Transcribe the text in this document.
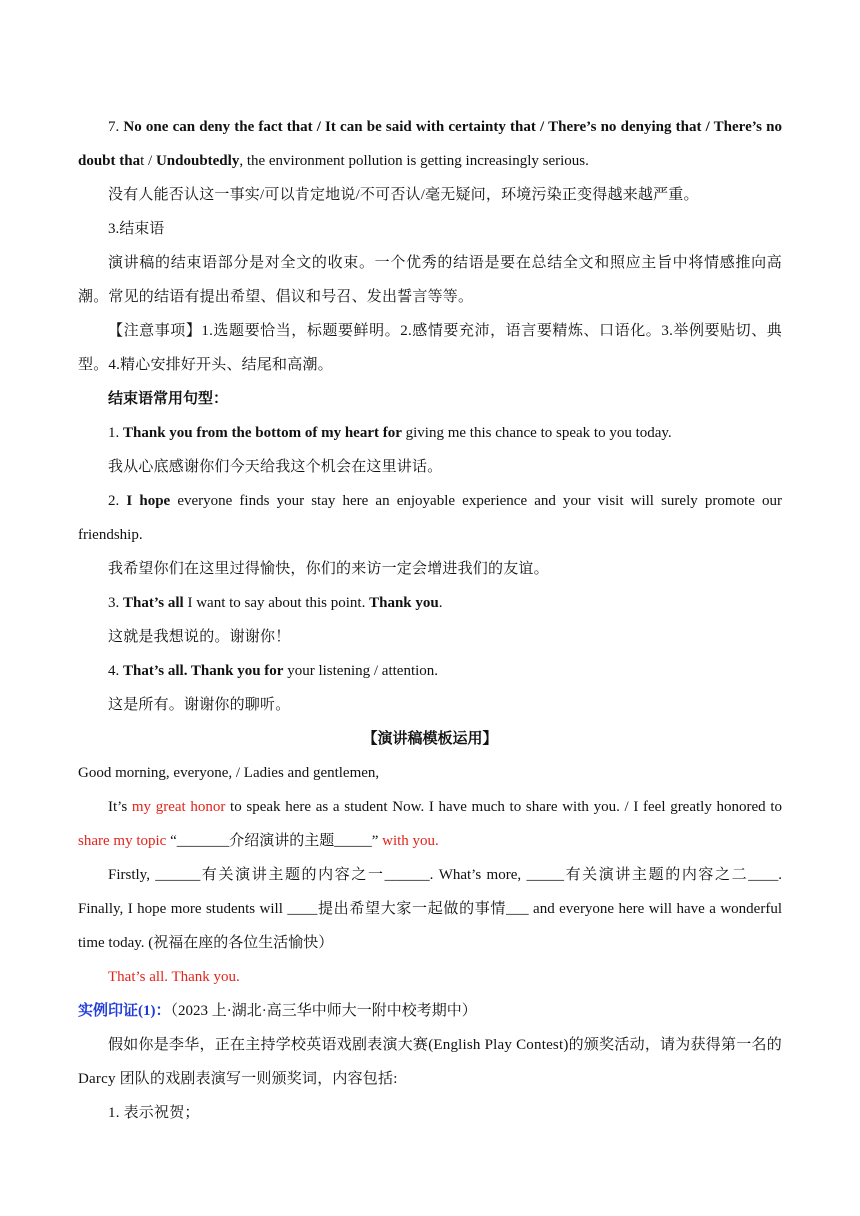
7. No one can deny the fact that / It can be said with certainty that / There’s no denying that / There’s no doubt that / Undoubtedly, the environment pollution is getting increasingly serious.

没有人能否认这一事实/可以肯定地说/不可否认/毫无疑问，环境污染正变得越来越严重。

3.结束语

演讲稿的结束语部分是对全文的收束。一个优秀的结语是要在总结全文和照应主旨中将情感推向高潮。常见的结语有提出希望、倡议和号召、发出誓言等等。

【注意事项】1.选题要恰当，标题要鲜明。2.感情要充沛，语言要精炼、口语化。3.举例要贴切、典型。4.精心安排好开头、结尾和高潮。

结束语常用句型：

1. Thank you from the bottom of my heart for giving me this chance to speak to you today.

我从心底感谢你们今天给我这个机会在这里讲话。

2. I hope everyone finds your stay here an enjoyable experience and your visit will surely promote our friendship.

我希望你们在这里过得愉快，你们的来访一定会增进我们的友谊。

3. That’s all I want to say about this point. Thank you.

这就是我想说的。谢谢你！

4. That’s all. Thank you for your listening / attention.

这是所有。谢谢你的聊听。

【演讲稿模板运用】

Good morning, everyone, / Ladies and gentlemen,

It’s my great honor to speak here as a student Now. I have much to share with you. / I feel greatly honored to share my topic “_______介绍演讲的主题_____” with you.

Firstly, ______有关演讲主题的内容之一______. What’s more, _____有关演讲主题的内容之二____. Finally, I hope more students will ____提出希望大家一起做的事情___ and everyone here will have a wonderful time today. (祝福在座的各位生活愉快）

That’s all. Thank you.

实例印证(1)：（2023 上·湖北·高三华中师大一附中校考期中）

假如你是李华，正在主持学校英语戏剧表演大赛(English Play Contest)的颁奖活动，请为获得第一名的 Darcy 团队的戏剧表演写一则颁奖词，内容包括:

1. 表示祝贺；
